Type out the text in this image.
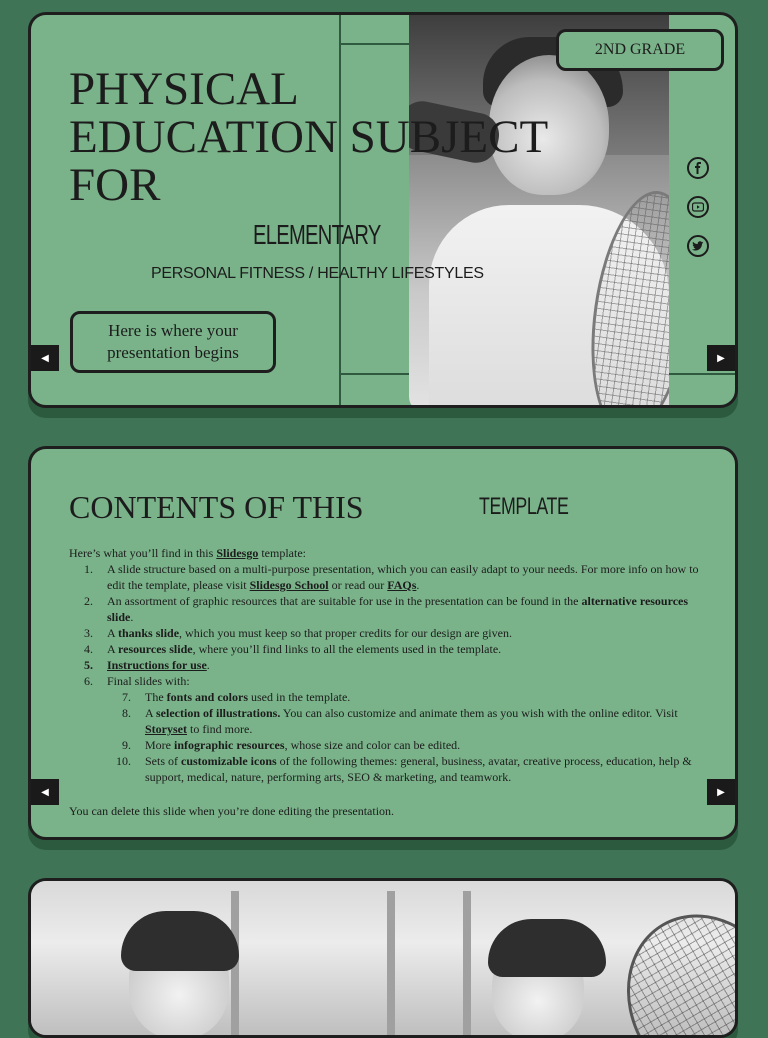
PHYSICAL
EDUCATION SUBJECT
FOR
ELEMENTARY
PERSONAL FITNESS / HEALTHY LIFESTYLES
Here is where your presentation begins
2ND GRADE
◀	▶
CONTENTS OF THIS	TEMPLATE
Here’s what you’ll find in this Slidesgo template:
1. A slide structure based on a multi-purpose presentation, which you can easily adapt to your needs. For more info on how to edit the template, please visit Slidesgo School or read our FAQs.
2. An assortment of graphic resources that are suitable for use in the presentation can be found in the alternative resources slide.
3. A thanks slide, which you must keep so that proper credits for our design are given.
4. A resources slide, where you’ll find links to all the elements used in the template.
5. Instructions for use.
6. Final slides with:
7. The fonts and colors used in the template.
8. A selection of illustrations. You can also customize and animate them as you wish with the online editor. Visit Storyset to find more.
9. More infographic resources, whose size and color can be edited.
10. Sets of customizable icons of the following themes: general, business, avatar, creative process, education, help & support, medical, nature, performing arts, SEO & marketing, and teamwork.
You can delete this slide when you’re done editing the presentation.
◀	▶
